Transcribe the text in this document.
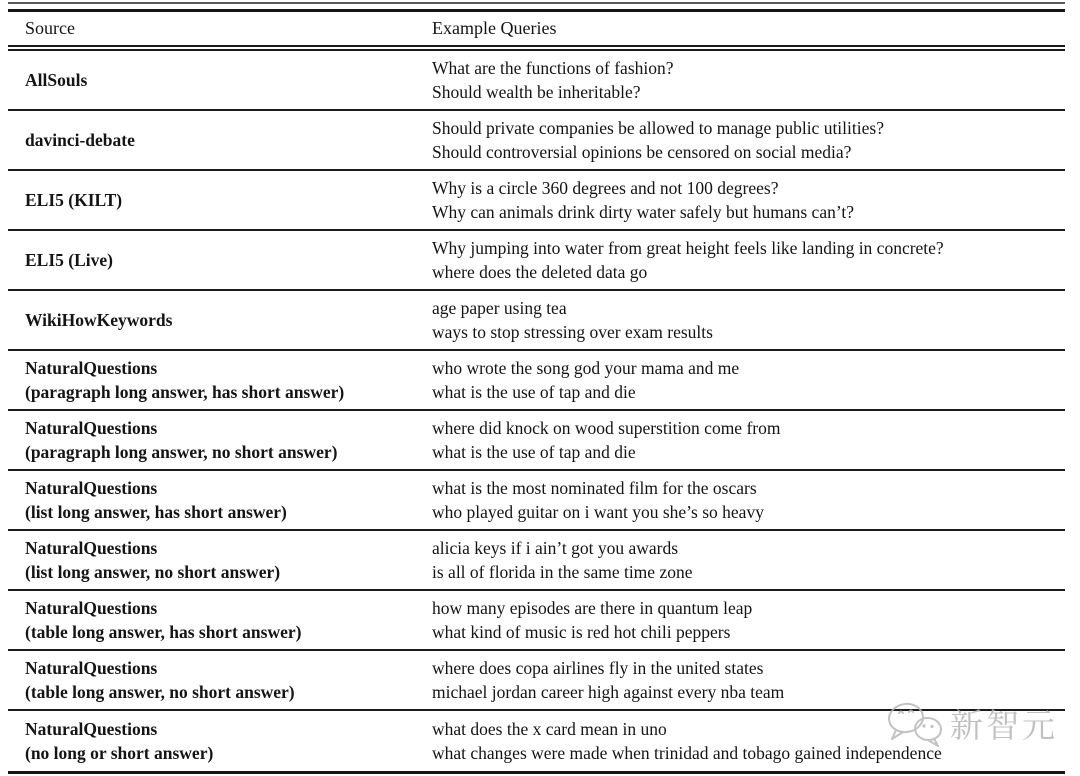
Source	Example Queries
AllSouls
What are the functions of fashion?
Should wealth be inheritable?
davinci-debate
Should private companies be allowed to manage public utilities?
Should controversial opinions be censored on social media?
ELI5 (KILT)
Why is a circle 360 degrees and not 100 degrees?
Why can animals drink dirty water safely but humans can’t?
ELI5 (Live)
Why jumping into water from great height feels like landing in concrete?
where does the deleted data go
WikiHowKeywords
age paper using tea
ways to stop stressing over exam results
NaturalQuestions
(paragraph long answer, has short answer)
who wrote the song god your mama and me
what is the use of tap and die
NaturalQuestions
(paragraph long answer, no short answer)
where did knock on wood superstition come from
what is the use of tap and die
NaturalQuestions
(list long answer, has short answer)
what is the most nominated film for the oscars
who played guitar on i want you she’s so heavy
NaturalQuestions
(list long answer, no short answer)
alicia keys if i ain’t got you awards
is all of florida in the same time zone
NaturalQuestions
(table long answer, has short answer)
how many episodes are there in quantum leap
what kind of music is red hot chili peppers
NaturalQuestions
(table long answer, no short answer)
where does copa airlines fly in the united states
michael jordan career high against every nba team
NaturalQuestions
(no long or short answer)
what does the x card mean in uno
what changes were made when trinidad and tobago gained independence
新智元
